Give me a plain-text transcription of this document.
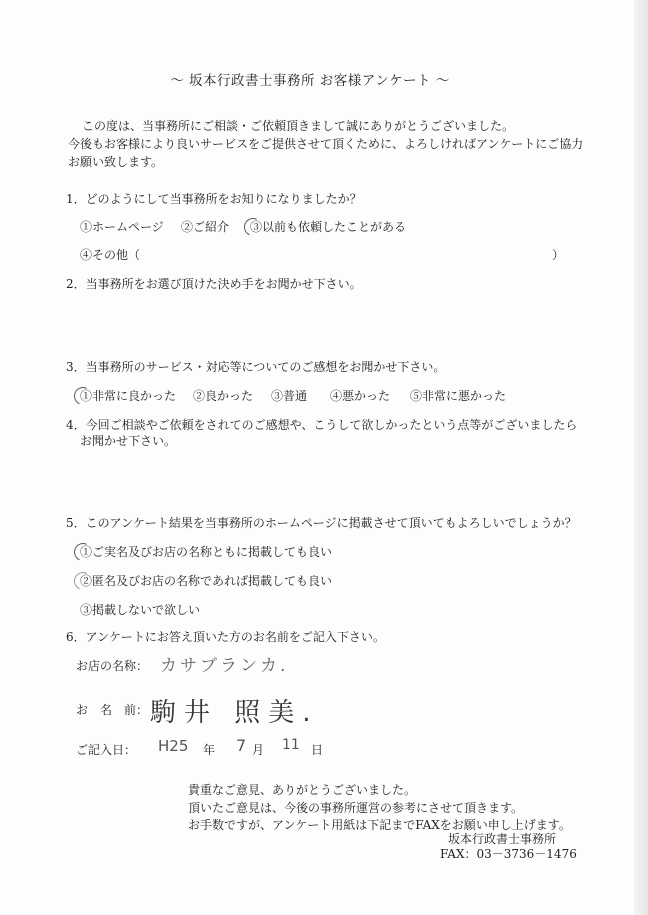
～ 坂本行政書士事務所 お客様アンケート ～
この度は、当事務所にご相談・ご依頼頂きまして誠にありがとうございました。
今後もお客様により良いサービスをご提供させて頂くために、よろしければアンケートにご協力
お願い致します。
1．どのようにして当事務所をお知りになりましたか？
①ホームページ ②ご紹介 ③以前も依頼したことがある
④その他（	）
2．当事務所をお選び頂けた決め手をお聞かせ下さい。
3．当事務所のサービス・対応等についてのご感想をお聞かせ下さい。
①非常に良かった ②良かった ③普通 ④悪かった ⑤非常に悪かった
4．今回ご相談やご依頼をされてのご感想や、こうして欲しかったという点等がございましたら
お聞かせ下さい。
5．このアンケート結果を当事務所のホームページに掲載させて頂いてもよろしいでしょうか？
①ご実名及びお店の名称ともに掲載しても良い
②匿名及びお店の名称であれば掲載しても良い
③掲載しないで欲しい
6．アンケートにお答え頂いた方のお名前をご記入下さい。
お店の名称： カサブランカ.
お　名　前： 駒井 照美.
ご記入日： H25 年 7 月 11 日
貴重なご意見、ありがとうございました。
頂いたご意見は、今後の事務所運営の参考にさせて頂きます。
お手数ですが、アンケート用紙は下記までFAXをお願い申し上げます。
坂本行政書士事務所
FAX：03－3736－1476
